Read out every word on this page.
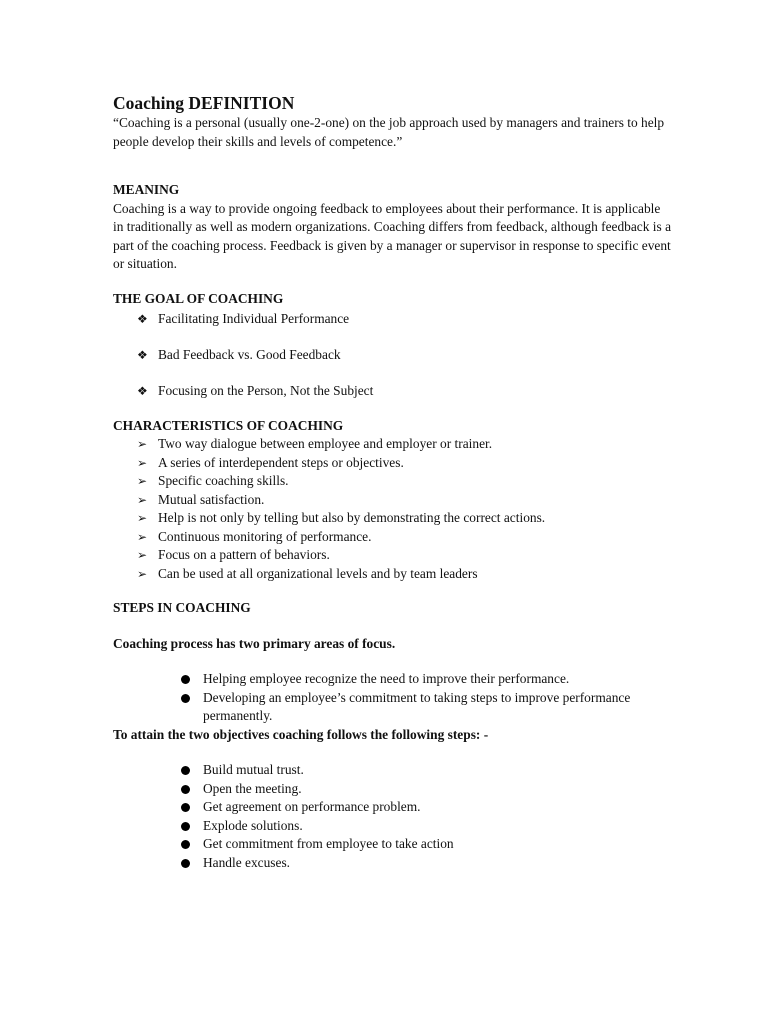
Coaching DEFINITION

“Coaching is a personal (usually one-2-one) on the job approach used by managers and trainers to help people develop their skills and levels of competence.”

MEANING

Coaching is a way to provide ongoing feedback to employees about their performance. It is applicable in traditionally as well as modern organizations. Coaching differs from feedback, although feedback is a part of the coaching process. Feedback is given by a manager or supervisor in response to specific event or situation.

THE GOAL OF COACHING

❖ Facilitating Individual Performance
❖ Bad Feedback vs. Good Feedback
❖ Focusing on the Person, Not the Subject

CHARACTERISTICS OF COACHING

➢ Two way dialogue between employee and employer or trainer.
➢ A series of interdependent steps or objectives.
➢ Specific coaching skills.
➢ Mutual satisfaction.
➢ Help is not only by telling but also by demonstrating the correct actions.
➢ Continuous monitoring of performance.
➢ Focus on a pattern of behaviors.
➢ Can be used at all organizational levels and by team leaders

STEPS IN COACHING

Coaching process has two primary areas of focus.

Helping employee recognize the need to improve their performance.
Developing an employee’s commitment to taking steps to improve performance permanently.

To attain the two objectives coaching follows the following steps: -

Build mutual trust.
Open the meeting.
Get agreement on performance problem.
Explode solutions.
Get commitment from employee to take action
Handle excuses.
